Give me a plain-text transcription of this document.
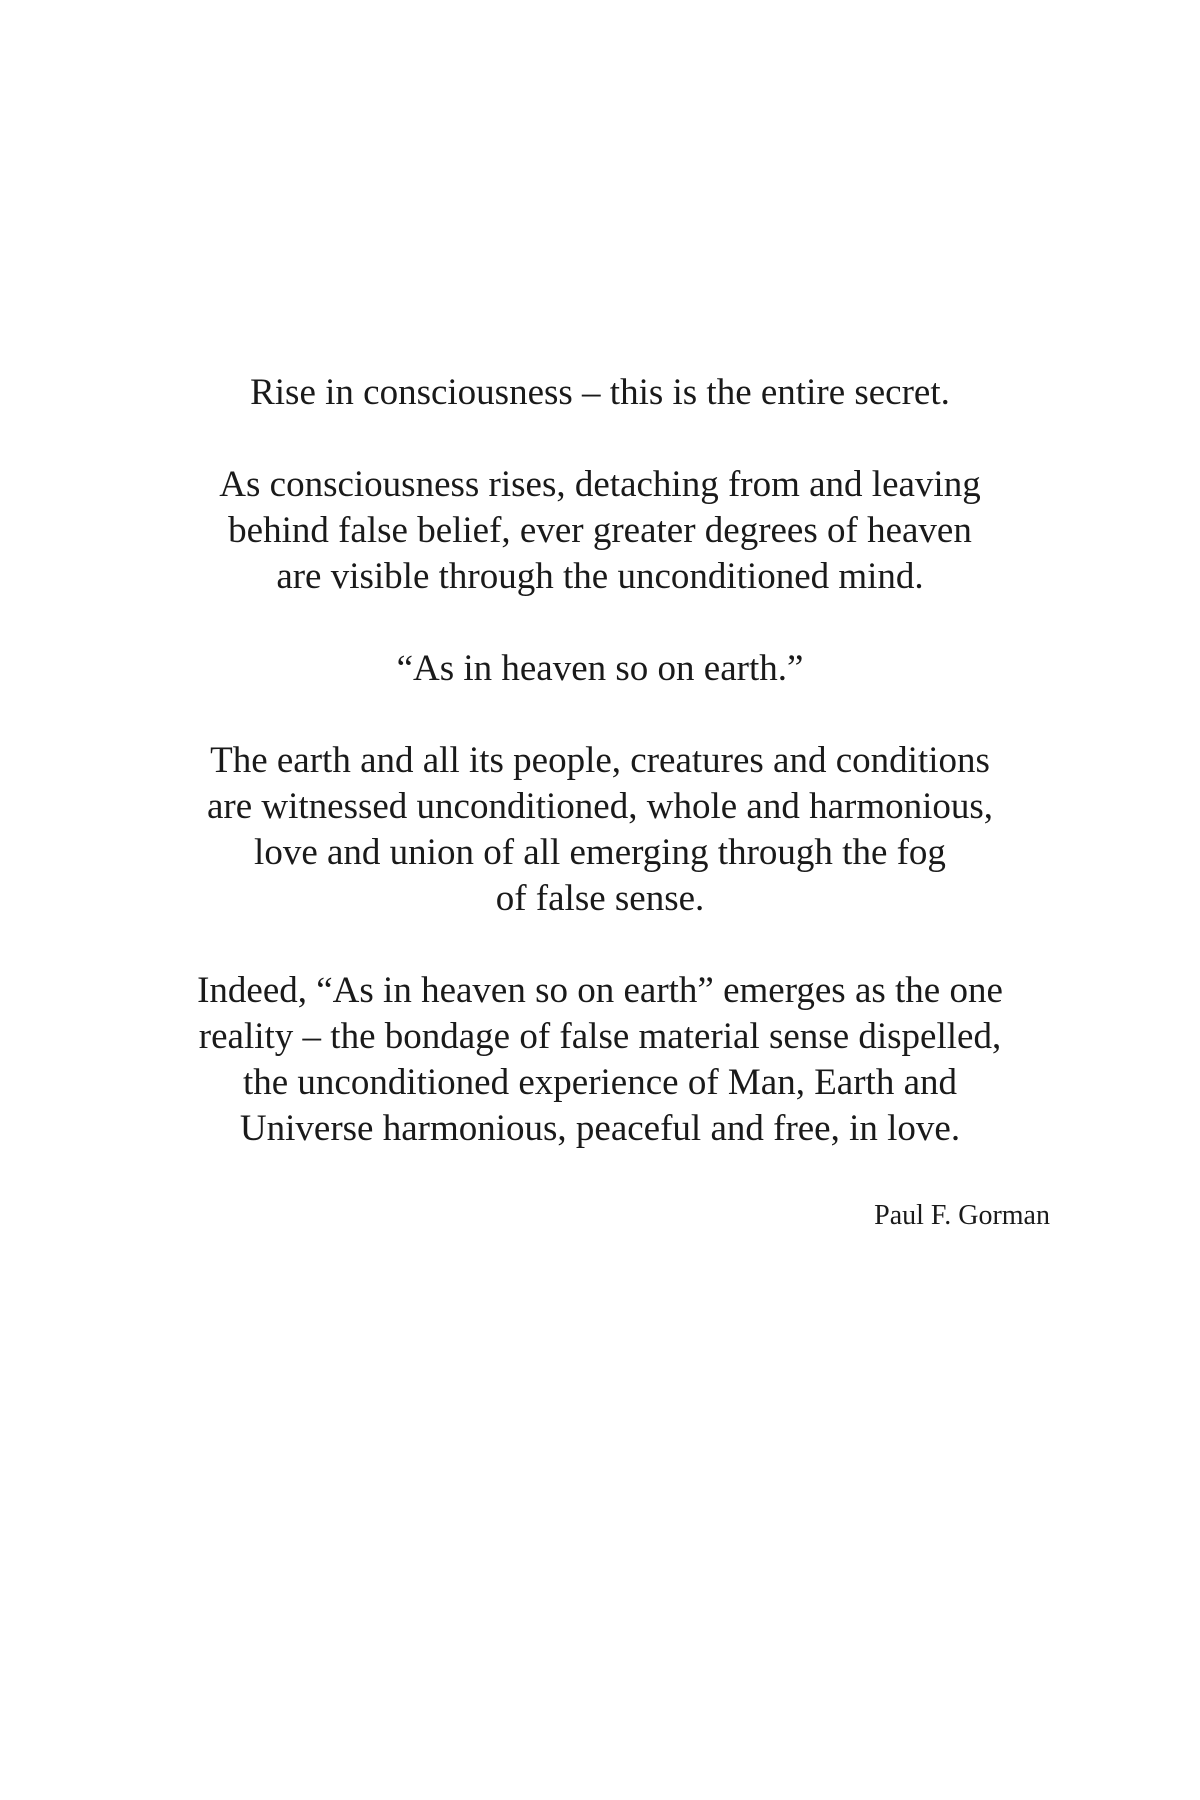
Rise in consciousness – this is the entire secret.

As consciousness rises, detaching from and leaving
behind false belief, ever greater degrees of heaven
are visible through the unconditioned mind.

“As in heaven so on earth.”

The earth and all its people, creatures and conditions
are witnessed unconditioned, whole and harmonious,
love and union of all emerging through the fog
of false sense.

Indeed, “As in heaven so on earth” emerges as the one
reality – the bondage of false material sense dispelled,
the unconditioned experience of Man, Earth and
Universe harmonious, peaceful and free, in love.

Paul F. Gorman
